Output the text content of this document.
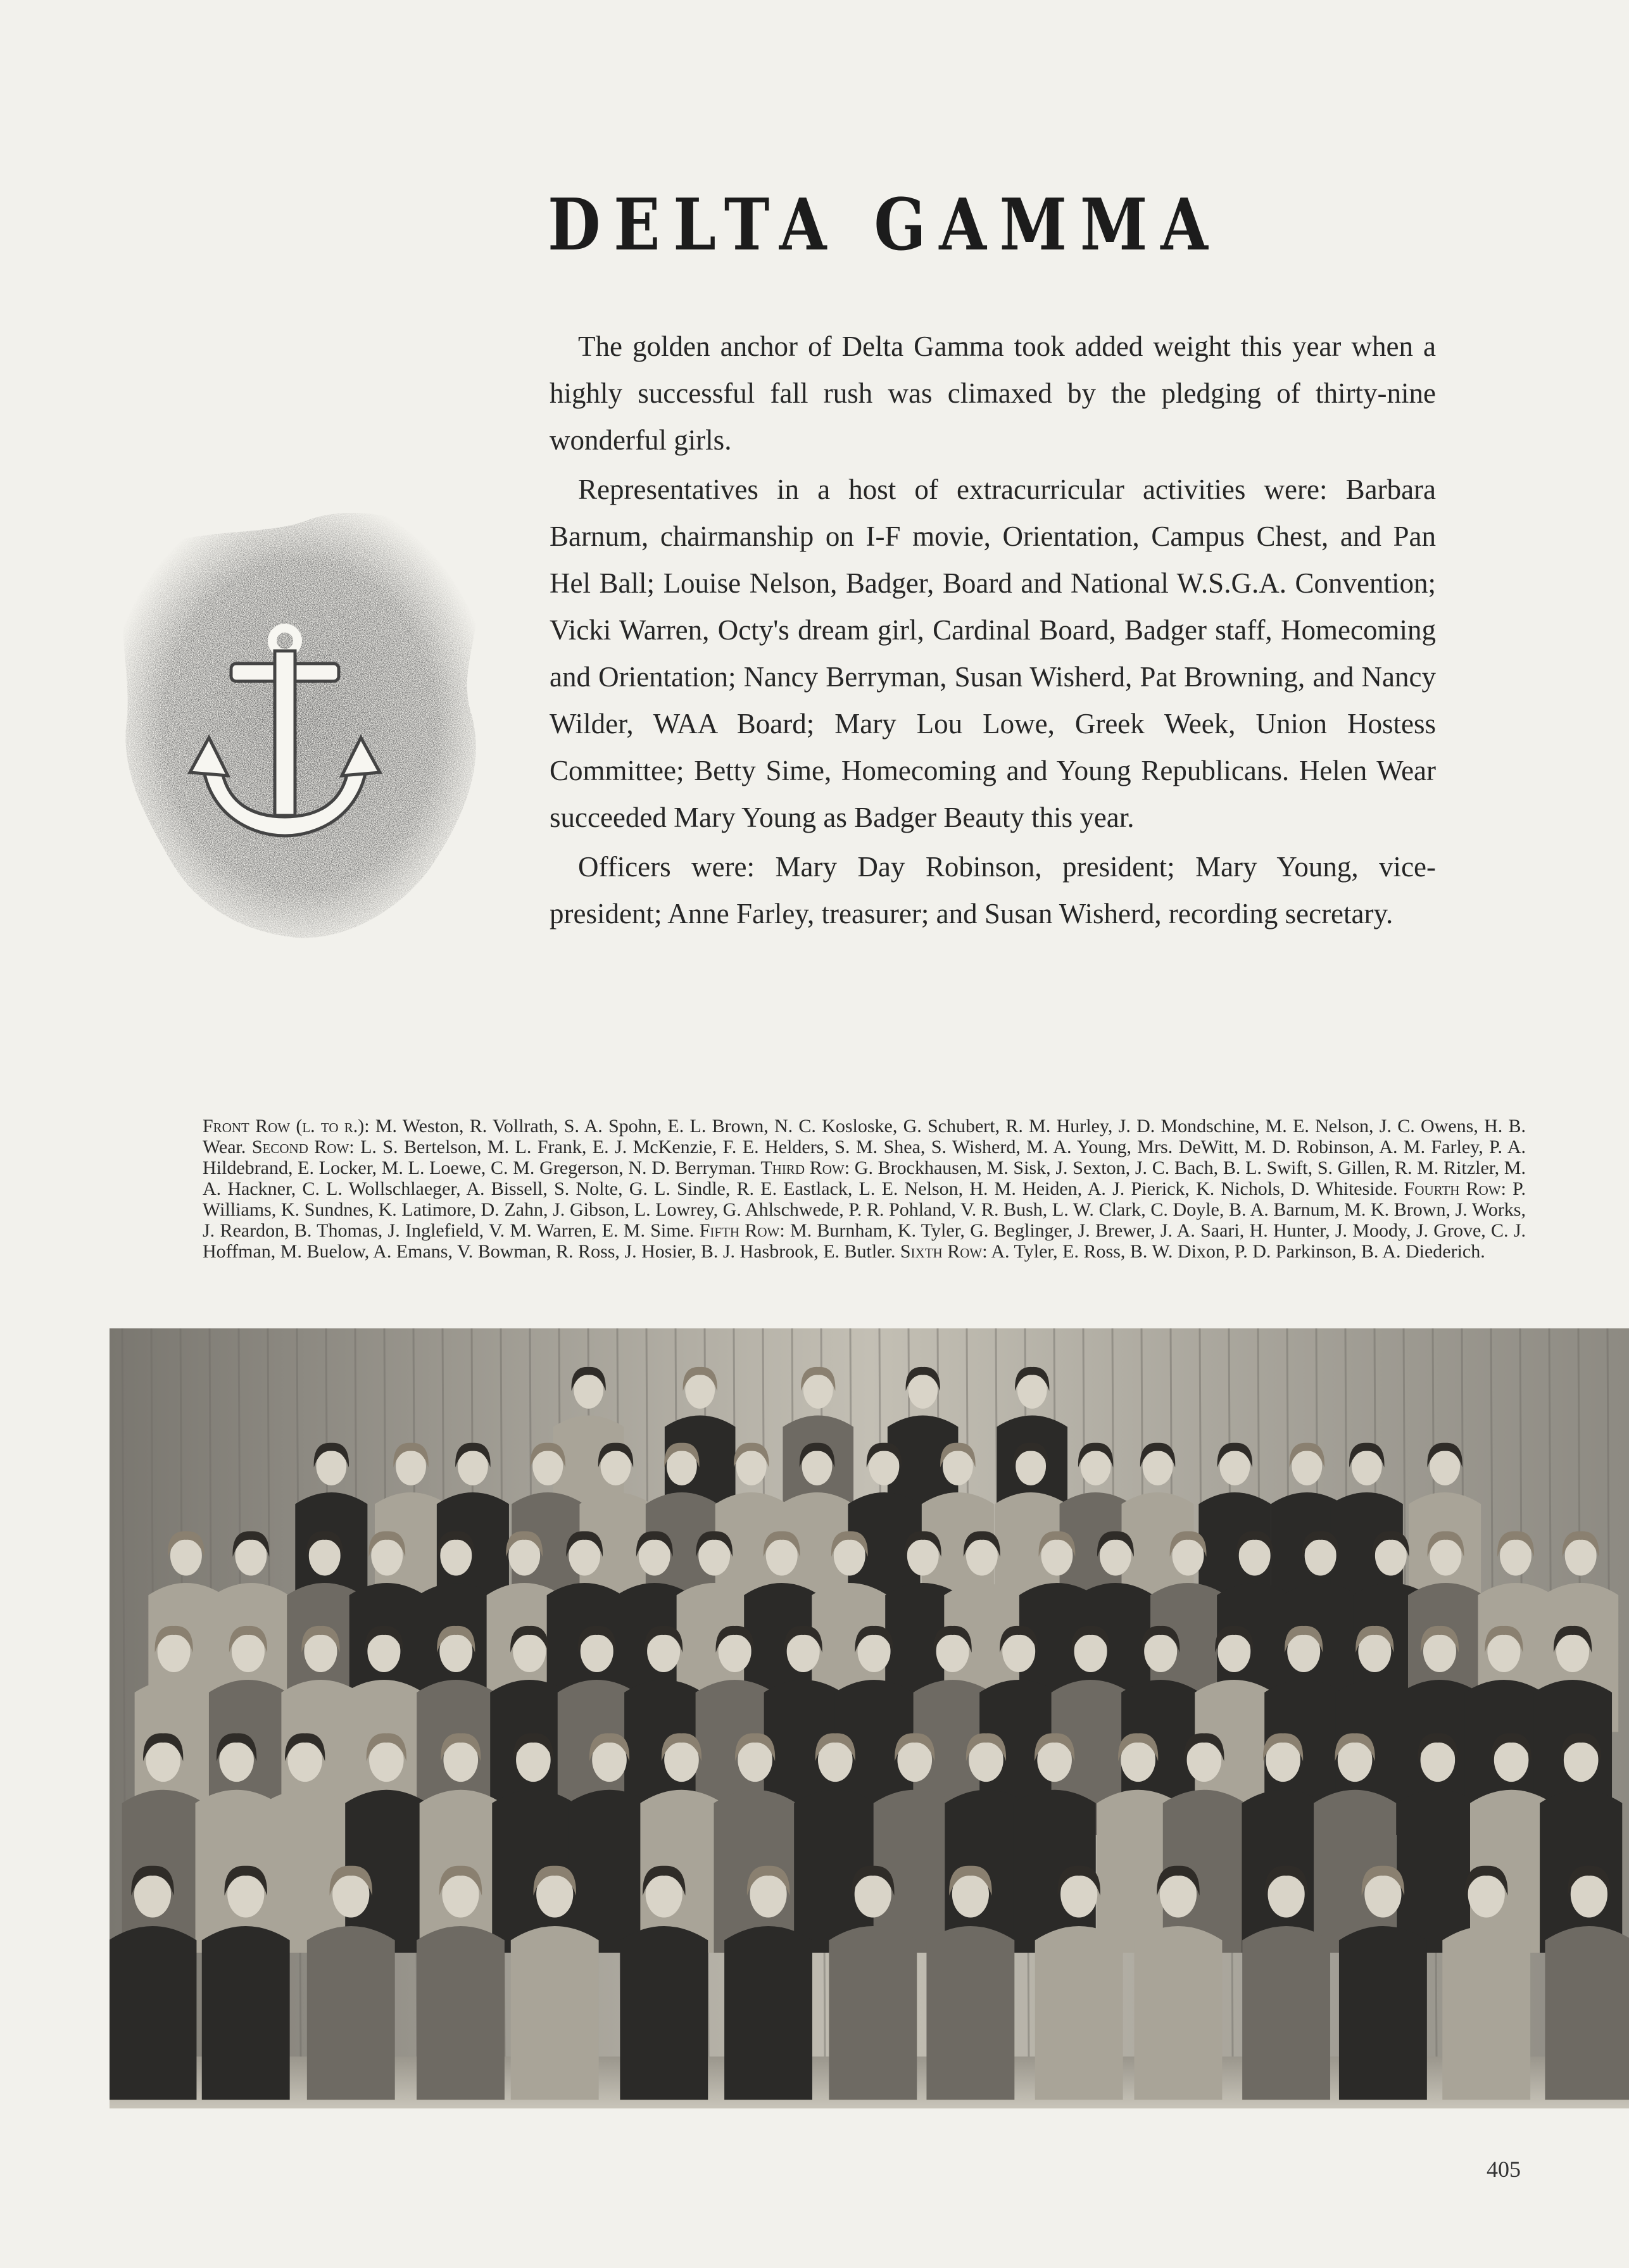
DELTA GAMMA

The golden anchor of Delta Gamma took added weight this year when a highly successful fall rush was climaxed by the pledging of thirty-nine wonderful girls.

Representatives in a host of extracurricular activities were: Barbara Barnum, chairmanship on I-F movie, Orientation, Campus Chest, and Pan Hel Ball; Louise Nelson, Badger, Board and National W.S.G.A. Convention; Vicki Warren, Octy's dream girl, Cardinal Board, Badger staff, Homecoming and Orientation; Nancy Berryman, Susan Wisherd, Pat Browning, and Nancy Wilder, WAA Board; Mary Lou Lowe, Greek Week, Union Hostess Committee; Betty Sime, Homecoming and Young Republicans. Helen Wear succeeded Mary Young as Badger Beauty this year.

Officers were: Mary Day Robinson, president; Mary Young, vice-president; Anne Farley, treasurer; and Susan Wisherd, recording secretary.

Front Row (l. to r.): M. Weston, R. Vollrath, S. A. Spohn, E. L. Brown, N. C. Kosloske, G. Schubert, R. M. Hurley, J. D. Mondschine, M. E. Nelson, J. C. Owens, H. B. Wear. Second Row: L. S. Bertelson, M. L. Frank, E. J. McKenzie, F. E. Helders, S. M. Shea, S. Wisherd, M. A. Young, Mrs. DeWitt, M. D. Robinson, A. M. Farley, P. A. Hildebrand, E. Locker, M. L. Loewe, C. M. Gregerson, N. D. Berryman. Third Row: G. Brockhausen, M. Sisk, J. Sexton, J. C. Bach, B. L. Swift, S. Gillen, R. M. Ritzler, M. A. Hackner, C. L. Wollschlaeger, A. Bissell, S. Nolte, G. L. Sindle, R. E. Eastlack, L. E. Nelson, H. M. Heiden, A. J. Pierick, K. Nichols, D. Whiteside. Fourth Row: P. Williams, K. Sundnes, K. Latimore, D. Zahn, J. Gibson, L. Lowrey, G. Ahlschwede, P. R. Pohland, V. R. Bush, L. W. Clark, C. Doyle, B. A. Barnum, M. K. Brown, J. Works, J. Reardon, B. Thomas, J. Inglefield, V. M. Warren, E. M. Sime. Fifth Row: M. Burnham, K. Tyler, G. Beglinger, J. Brewer, J. A. Saari, H. Hunter, J. Moody, J. Grove, C. J. Hoffman, M. Buelow, A. Emans, V. Bowman, R. Ross, J. Hosier, B. J. Hasbrook, E. Butler. Sixth Row: A. Tyler, E. Ross, B. W. Dixon, P. D. Parkinson, B. A. Diederich.
405
